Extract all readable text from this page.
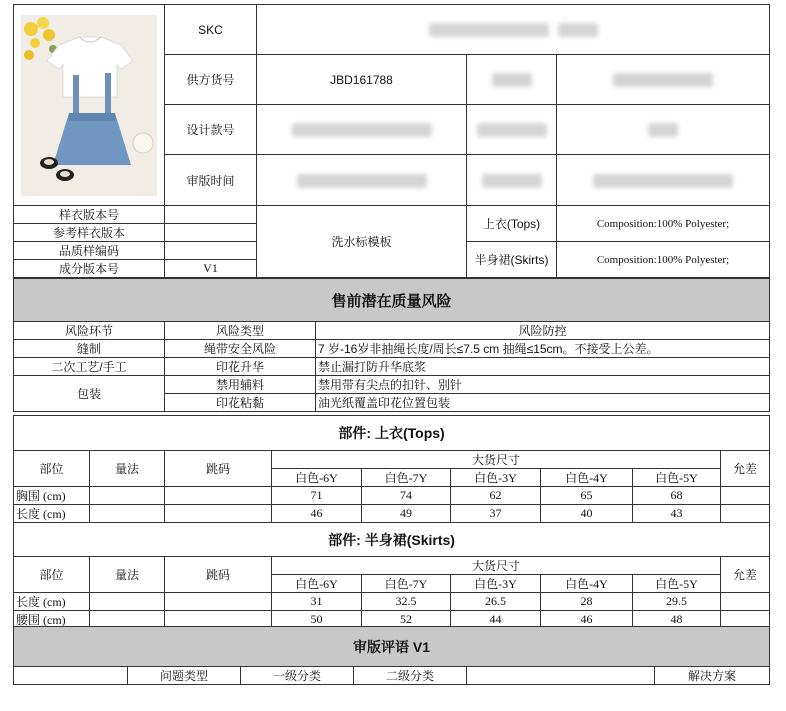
	SKC			
	供方货号	JBD161788		
	设计款号			
	审版时间			
样衣版本号		洗水标模板	上衣(Tops)	Composition:100% Polyester;
参考样衣版本				
品质样编码			半身裙(Skirts)	Composition:100% Polyester;
成分版本号	V1			
售前潜在质量风险		
风险环节	风险类型	风险防控
缝制	绳带安全风险	7 岁-16岁非抽绳长度/周长≤7.5 cm 抽绳≤15cm。不接受上公差。
二次工艺/手工	印花升华	禁止漏打防升华底浆
包装	禁用辅料	禁用带有尖点的扣针、别针
	印花粘黏	油光纸覆盖印花位置包装
部件: 上衣(Tops)								
部位	量法	跳码	大货尺寸					允差
			白色-6Y	白色-7Y	白色-3Y	白色-4Y	白色-5Y	
胸围 (cm)			71	74	62	65	68	
长度 (cm)			46	49	37	40	43	
部件: 半身裙(Skirts)								
部位	量法	跳码	大货尺寸					允差
			白色-6Y	白色-7Y	白色-3Y	白色-4Y	白色-5Y	
长度 (cm)			31	32.5	26.5	28	29.5	
腰围 (cm)			50	52	44	46	48	
审版评语 V1
	问题类型	一级分类	二级分类		解决方案
